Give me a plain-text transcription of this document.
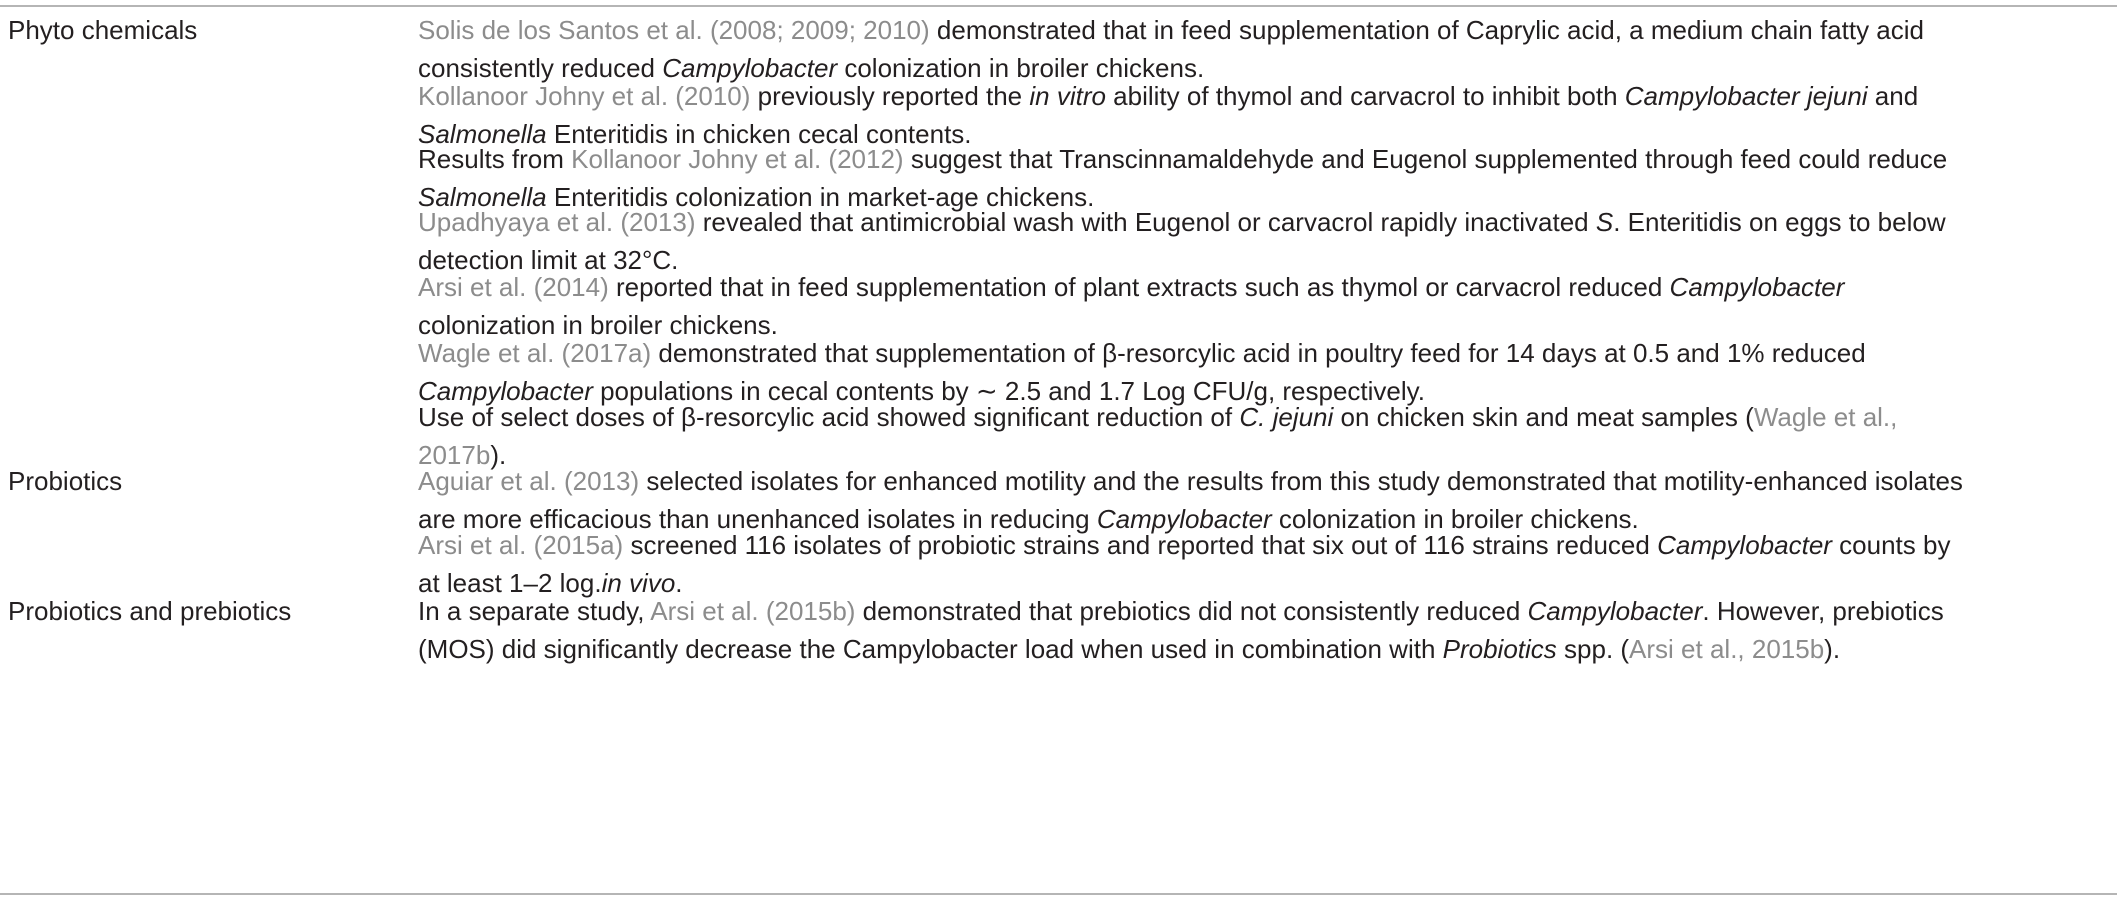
Phyto chemicals	Solis de los Santos et al. (2008; 2009; 2010) demonstrated that in feed supplementation of Caprylic acid, a medium chain fatty acid
consistently reduced Campylobacter colonization in broiler chickens.
Kollanoor Johny et al. (2010) previously reported the in vitro ability of thymol and carvacrol to inhibit both Campylobacter jejuni and
Salmonella Enteritidis in chicken cecal contents.
Results from Kollanoor Johny et al. (2012) suggest that Transcinnamaldehyde and Eugenol supplemented through feed could reduce
Salmonella Enteritidis colonization in market-age chickens.
Upadhyaya et al. (2013) revealed that antimicrobial wash with Eugenol or carvacrol rapidly inactivated S. Enteritidis on eggs to below
detection limit at 32°C.
Arsi et al. (2014) reported that in feed supplementation of plant extracts such as thymol or carvacrol reduced Campylobacter
colonization in broiler chickens.
Wagle et al. (2017a) demonstrated that supplementation of β-resorcylic acid in poultry feed for 14 days at 0.5 and 1% reduced
Campylobacter populations in cecal contents by ∼ 2.5 and 1.7 Log CFU/g, respectively.
Use of select doses of β-resorcylic acid showed significant reduction of C. jejuni on chicken skin and meat samples (Wagle et al.,
2017b).
Probiotics	Aguiar et al. (2013) selected isolates for enhanced motility and the results from this study demonstrated that motility-enhanced isolates
are more efficacious than unenhanced isolates in reducing Campylobacter colonization in broiler chickens.
Arsi et al. (2015a) screened 116 isolates of probiotic strains and reported that six out of 116 strains reduced Campylobacter counts by
at least 1–2 log.in vivo.
Probiotics and prebiotics	In a separate study, Arsi et al. (2015b) demonstrated that prebiotics did not consistently reduced Campylobacter. However, prebiotics
(MOS) did significantly decrease the Campylobacter load when used in combination with Probiotics spp. (Arsi et al., 2015b).
